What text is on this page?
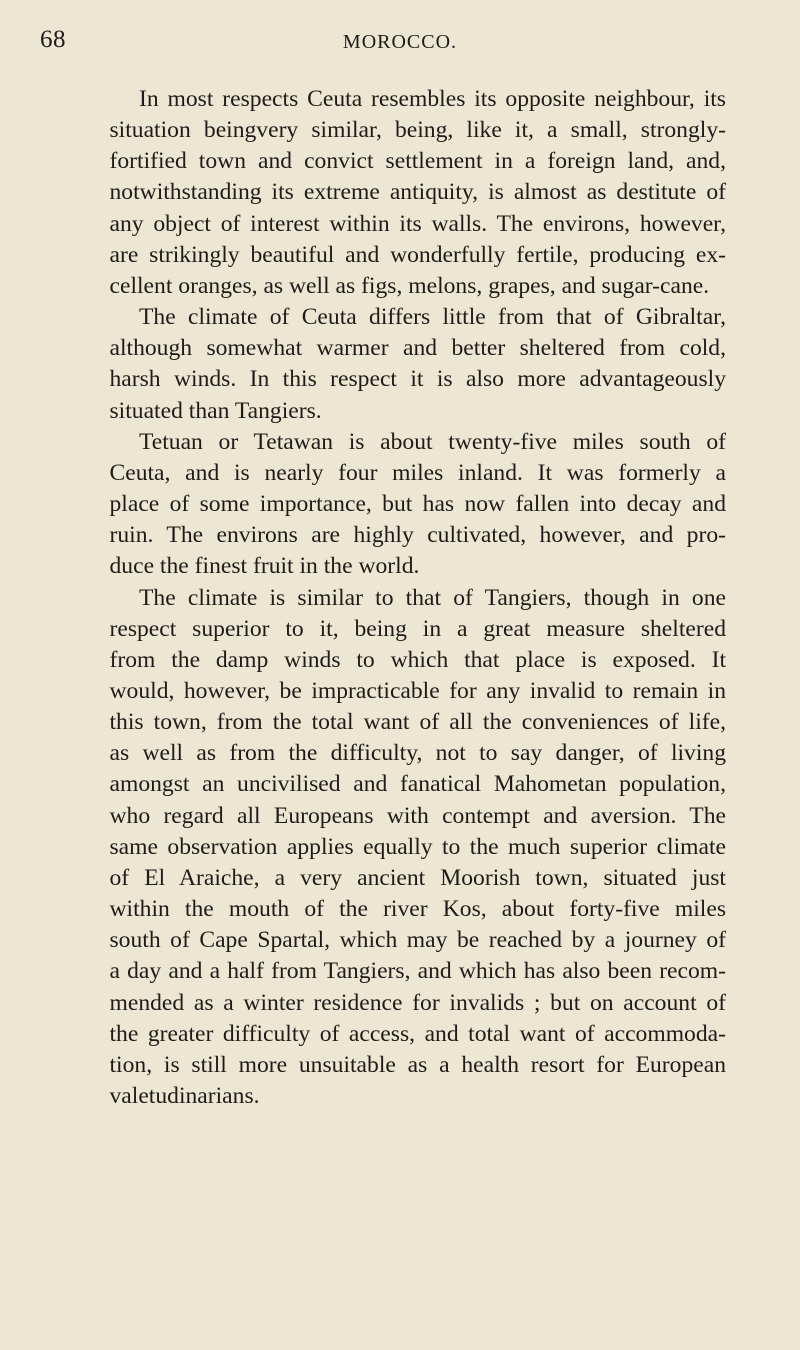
68	MOROCCO.

In most respects Ceuta resembles its opposite neighbour, its
situation beingvery similar, being, like it, a small, strongly-
fortified town and convict settlement in a foreign land, and,
notwithstanding its extreme antiquity, is almost as destitute of
any object of interest within its walls. The environs, however,
are strikingly beautiful and wonderfully fertile, producing ex-
cellent oranges, as well as figs, melons, grapes, and sugar-cane.

The climate of Ceuta differs little from that of Gibraltar,
although somewhat warmer and better sheltered from cold,
harsh winds. In this respect it is also more advantageously
situated than Tangiers.

Tetuan or Tetawan is about twenty-five miles south of
Ceuta, and is nearly four miles inland. It was formerly a
place of some importance, but has now fallen into decay and
ruin. The environs are highly cultivated, however, and pro-
duce the finest fruit in the world.

The climate is similar to that of Tangiers, though in one
respect superior to it, being in a great measure sheltered
from the damp winds to which that place is exposed. It
would, however, be impracticable for any invalid to remain in
this town, from the total want of all the conveniences of life,
as well as from the difficulty, not to say danger, of living
amongst an uncivilised and fanatical Mahometan population,
who regard all Europeans with contempt and aversion. The
same observation applies equally to the much superior climate
of El Araiche, a very ancient Moorish town, situated just
within the mouth of the river Kos, about forty-five miles
south of Cape Spartal, which may be reached by a journey of
a day and a half from Tangiers, and which has also been recom-
mended as a winter residence for invalids ; but on account of
the greater difficulty of access, and total want of accommoda-
tion, is still more unsuitable as a health resort for European
valetudinarians.
